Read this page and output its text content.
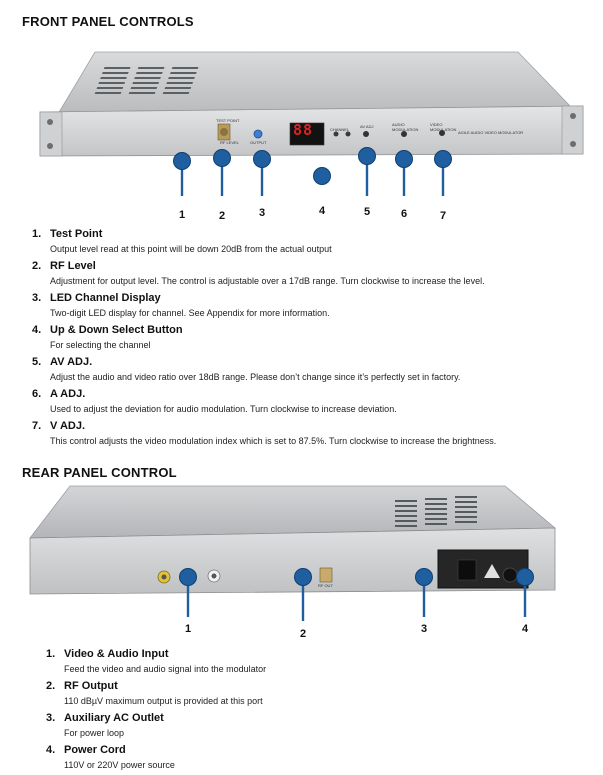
FRONT PANEL CONTROLS
TEST POINT
RF LEVEL	OUTPUT
88	CHANNEL
AV ADJ	AUDIO MODULATION
VIDEO MODULATION
AGILE AUDIO VIDEO MODULATOR
1	2	3	4	5	6	7
1. Test Point
Output level read at this point will be down 20dB from the actual output
2. RF Level
Adjustment for output level. The control is adjustable over a 17dB range. Turn clockwise to increase the level.
3. LED Channel Display
Two-digit LED display for channel. See Appendix for more information.
4. Up & Down Select Button
For selecting the channel
5. AV ADJ.
Adjust the audio and video ratio over 18dB range. Please don’t change since it’s perfectly set in factory.
6. A ADJ.
Used to adjust the deviation for audio modulation. Turn clockwise to increase deviation.
7. V ADJ.
This control adjusts the video modulation index which is set to 87.5%. Turn clockwise to increase the brightness.
REAR PANEL CONTROL
RF OUT
1	2	3	4
1. Video & Audio Input
Feed the video and audio signal into the modulator
2. RF Output
110 dBµV maximum output is provided at this port
3. Auxiliary AC Outlet
For power loop
4. Power Cord
110V or 220V power source
